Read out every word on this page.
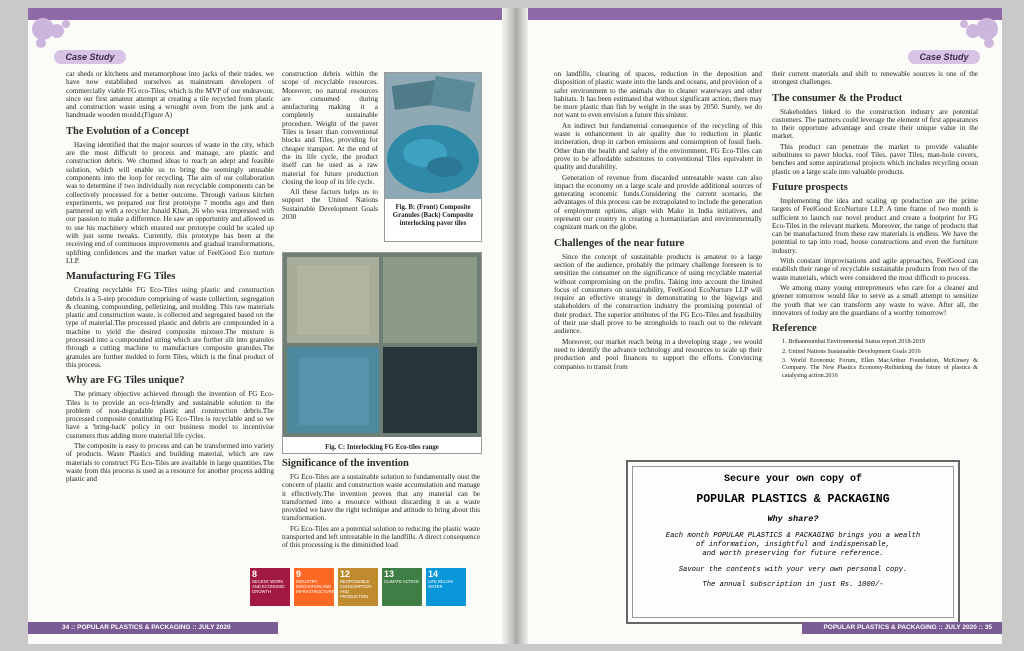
Case Study

car sheds or kitchens and metamorphose into jacks of their trades, we have now established ourselves as mainstream developers of commercially viable FG eco-Tiles, which is the MVP of our endeavour, since our first amateur attempt at creating a tile recycled from plastic and construction waste using a wrought oven from the junk and a handmade wooden mould.(Figure A)

The Evolution of a Concept

Having identified that the major sources of waste in the city, which are the most difficult to process and manage, are plastic and construction debris. We churned ideas to reach an adept and feasible solution, which will enable us to bring the seemingly unusable components into the loop for recycling. The aim of our collaboration was to determine if two individually non recyclable components can be collectively processed for a better outcome. Through various kitchen experiments, we prepared our first prototype 7 months ago and then partnered up with a recycler Junaid Khan, 26 who was impressed with our passion to make a difference. He saw an opportunity and allowed us to use his machinery which ensured our prototype could be scaled up with just some tweaks. Currently, this prototype has been at the receiving end of continuous improvements and gradual transformations, uplifting confidences and the market value of FeelGood Eco nurture LLP.

Manufacturing FG Tiles

Creating recyclable FG Eco-Tiles using plastic and construction debris is a 5-step procedure comprising of waste collection, segregation & cleaning, compounding, pelletizing, and molding. This raw materials plastic and construction waste, is collected and segregated based on the type of material.The processed plastic and debris are compounded in a machine to yield the desired composite mixture.The mixture is processed into a compounded string which are further slit into granules through a cutting machine to manufacture composite granules.The granules are further molded to form Tiles, which is the final product of this process.

Why are FG Tiles unique?

The primary objective achieved through the invention of FG Eco-Tiles is to provide an eco-friendly and sustainable solution to the problem of non-degradable plastic and construction debris.The processed composite constituting FG Eco-Tiles is recyclable and so we have a 'bring-back' policy in our business model to incentivise customers thus adding more material life cycles.

The composite is easy to process and can be transformed into variety of products. Waste Plastics and building material, which are raw materials to construct FG Eco-Tiles are available in large quantities.The waste from this process is used as a resource for another process adding plastic and

construction debris within the scope of recyclable resources. Moreover, no natural resources are consumed during anufacturing making it a completely sustainable procedure. Weight of the paver Tiles is lesser than conventional blocks and Tiles, providing for cheaper transport. At the end of the its life cycle, the product itself can be used as a raw material for future production closing the loop of its life cycle.

All these factors helps us to support the United Nations Sustainable Development Goals 2030

Fig. B: (Front) Composite Granules (Back) Composite interlocking paver tiles
Fig. C: Interlocking FG Eco-tiles range
Significance of the invention

FG Eco-Tiles are a sustainable solution to fundamentally oust the concern of plastic and construction waste accumulation and manage it effectively.The invention proves that any material can be transformed into a resource without discarding it as a waste provided we have the right technique and attitude to bring about this transformation.

FG Eco-Tiles are a potential solution to reducing the plastic waste transported and left untreatable in the landfills. A direct consequence of this processing is the diminished load

8
DECENT WORK AND ECONOMIC GROWTH
9
INDUSTRY, INNOVATION AND INFRASTRUCTURE
12
RESPONSIBLE CONSUMPTION AND PRODUCTION
13
CLIMATE ACTION
14
LIFE BELOW WATER
34 :: POPULAR PLASTICS & PACKAGING :: JULY 2020
Case Study

on landfills, clearing of spaces, reduction in the deposition and disposition of plastic waste into the lands and oceans, and provision of a safer environment to the animals due to cleaner waterways and other habitats. It has been estimated that without significant action, there may be more plastic than fish by weight in the seas by 2050. Surely, we do not want to even envision a future this sinister.

An indirect but fundamental consequence of the recycling of this waste is enhancement in air quality due to reduction in plastic incineration, drop in carbon emissions and consumption of fossil fuels. Other than the health and safety of the environment, FG Eco-Tiles can prove to be affordable substitutes to conventional Tiles equivalent in quality and durability.

Generation of revenue from discarded untreatable waste can also impact the economy on a large scale and provide additional sources of generating economic funds.Considering the current scenario, the advantages of this process can be extrapolated to include the generation of employment options, align with Make in India initiatives, and represent our country in creating a humanitarian and environmentally cognizant mark on the globe.

Challenges of the near future

Since the concept of sustainable products is amateur to a large section of the audience, probably the primary challenge foreseen is to sensitize the consumer on the significance of using recyclable material without compromising on the profits. Taking into account the limited focus of consumers on sustainability, FeelGood EcoNurture LLP will require an effective strategy in demonstrating to the bigwigs and stakeholders of the construction industry the promising potential of their product. The superior attributes of the FG Eco-Tiles and feasibility of their use shall prove to be strongholds to reach out to the relevant audience.

Moreover, our market reach being in a developing stage , we would need to identify the advance technology and resources to scale up their production and pool finances to support the efforts. Convincing companies to transit from

their current materials and shift to renewable sources is one of the strongest challenges.

The consumer & the Product

Stakeholders linked to the construction industry are potential customers. The partners could leverage the element of first appearances to their opportune advantage and create their unique value in the market.

This product can penetrate the market to provide valuable substitutes to paver blocks, roof Tiles, paver Tiles, man-hole covers, benches and some aspirational projects which includes recycling ocean plastic on a large scale into valuable products.

Future prospects

Implementing the idea and scaling up production are the prime targets of FeelGood EcoNurture LLP. A time frame of two month is sufficient to launch our novel product and create a footprint for FG Eco-Tiles in the relevant markets. Moreover, the range of products that can be manufactured from these raw materials is endless. We have the potential to tap into road, house constructions and even the furniture industry.

With constant improvisations and agile approaches, FeelGood can establish their range of recyclable sustainable products from two of the waste materials, which were considered the most difficult to process.

We among many young entrepreneurs who care for a cleaner and greener tomorrow would like to serve as a small attempt to sensitize the youth that we can transform any waste to wave. After all, the innovators of today are the guardians of a worthy tomorrow!

Reference

1. Brihanmumbai Environmental Status report 2018-2019

2. United Nations Sustainable Development Goals 2016

3. World Economic Forum, Ellen MacArthur Foundation, McKinsey & Company. The New Plastics Economy-Rethinking the future of plastics & catalysing action.2016

Secure your own copy of
POPULAR PLASTICS & PACKAGING
Why share?
Each month POPULAR PLASTICS & PACKAGING brings you a wealth
of information, insightful and indispensable,
and worth preserving for future reference.
Savour the contents with your very own personal copy.
The annual subscription in just Rs. 1000/-
POPULAR PLASTICS & PACKAGING :: JULY 2020 :: 35
